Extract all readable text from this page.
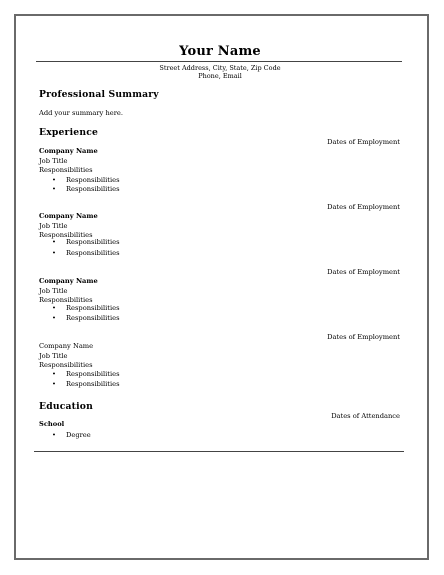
Your Name
Street Address, City, State, Zip Code
Phone, Email
Professional Summary
Add your summary here.
Experience
Dates of Employment
Company Name
Job Title
Responsibilities
• Responsibilities
• Responsibilities
Dates of Employment
Company Name
Job Title
Responsibilities
• Responsibilities
• Responsibilities
Dates of Employment
Company Name
Job Title
Responsibilities
• Responsibilities
• Responsibilities
Dates of Employment
Company Name
Job Title
Responsibilities
• Responsibilities
• Responsibilities
Education
Dates of Attendance
School
• Degree
